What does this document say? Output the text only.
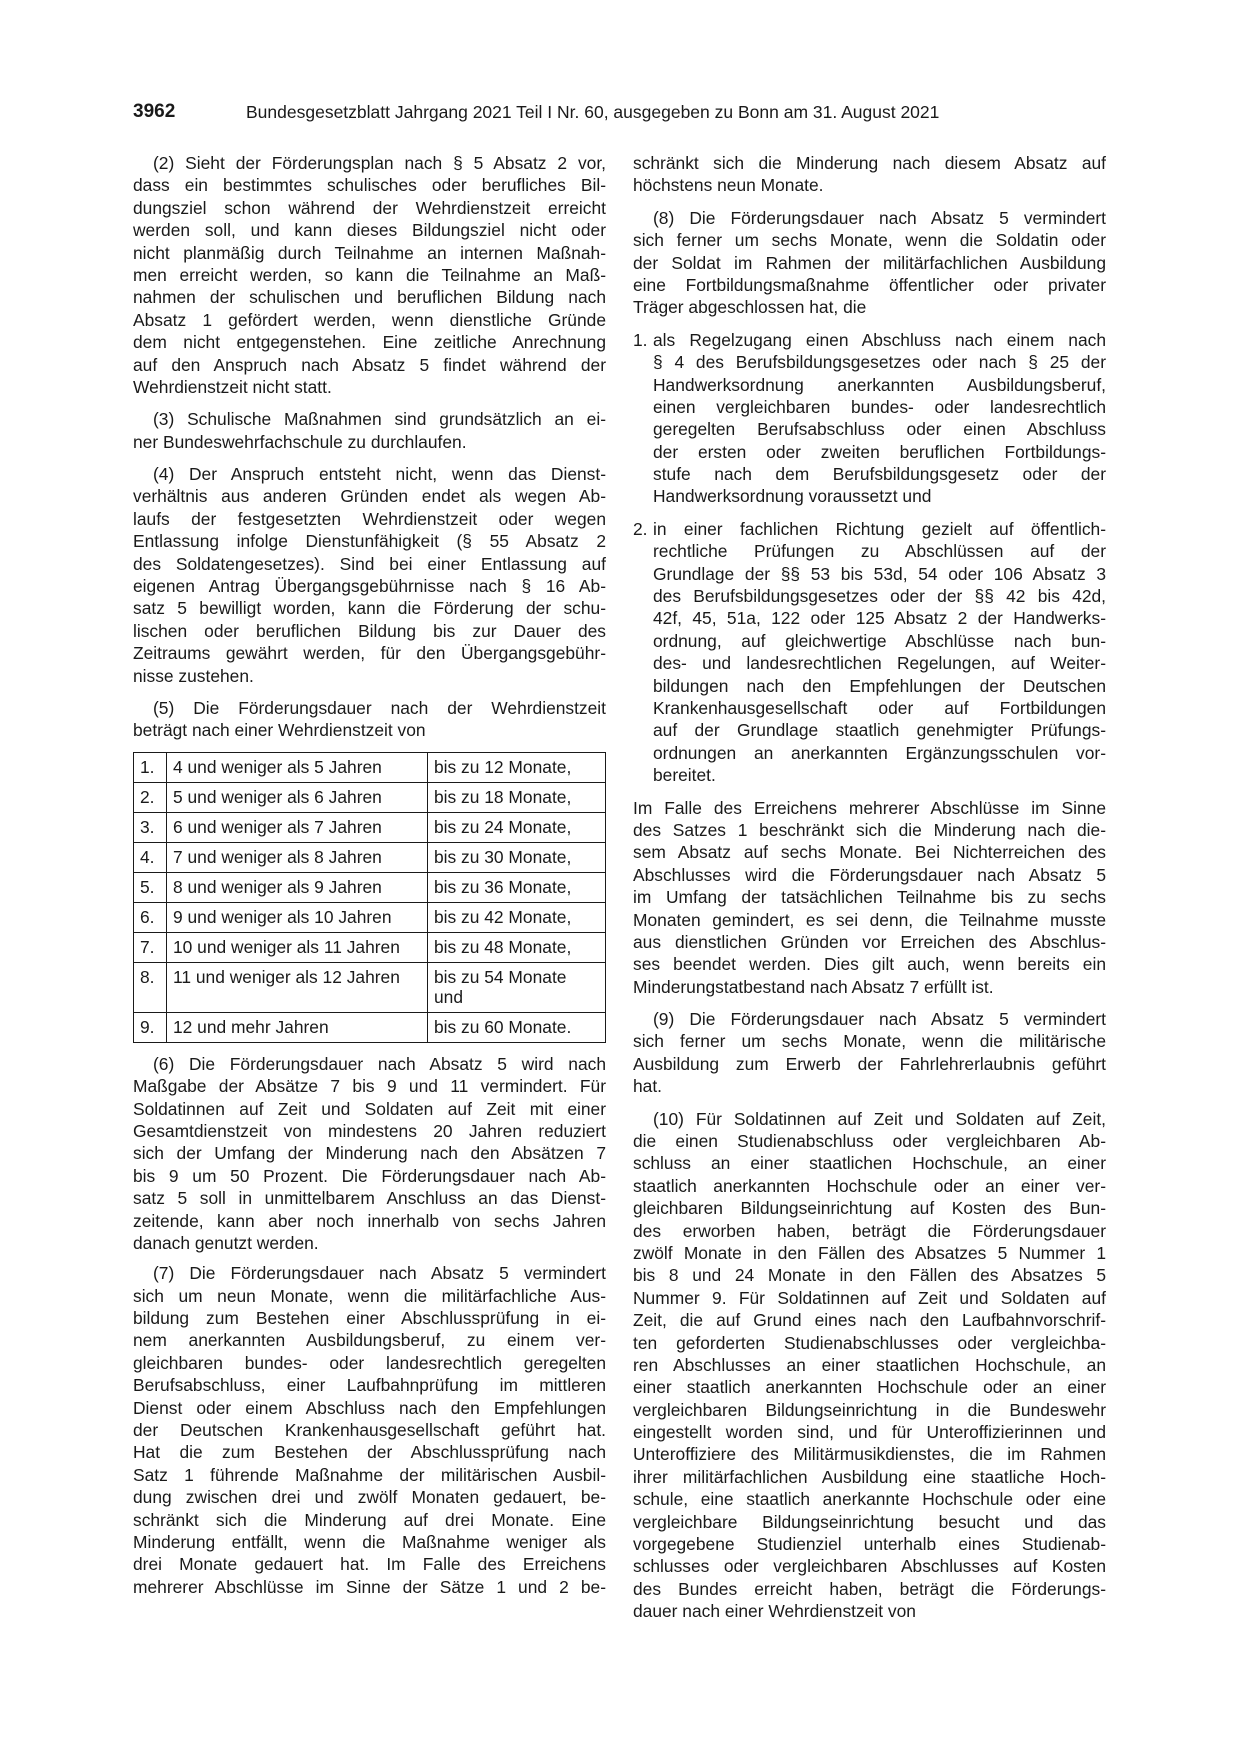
3962	Bundesgesetzblatt Jahrgang 2021 Teil I Nr. 60, ausgegeben zu Bonn am 31. August 2021
(2) Sieht der Förderungsplan nach § 5 Absatz 2 vor,
dass ein bestimmtes schulisches oder berufliches Bil-
dungsziel schon während der Wehrdienstzeit erreicht
werden soll, und kann dieses Bildungsziel nicht oder
nicht planmäßig durch Teilnahme an internen Maßnah-
men erreicht werden, so kann die Teilnahme an Maß-
nahmen der schulischen und beruflichen Bildung nach
Absatz 1 gefördert werden, wenn dienstliche Gründe
dem nicht entgegenstehen. Eine zeitliche Anrechnung
auf den Anspruch nach Absatz 5 findet während der
Wehrdienstzeit nicht statt.
(3) Schulische Maßnahmen sind grundsätzlich an ei-
ner Bundeswehrfachschule zu durchlaufen.
(4) Der Anspruch entsteht nicht, wenn das Dienst-
verhältnis aus anderen Gründen endet als wegen Ab-
laufs der festgesetzten Wehrdienstzeit oder wegen
Entlassung infolge Dienstunfähigkeit (§ 55 Absatz 2
des Soldatengesetzes). Sind bei einer Entlassung auf
eigenen Antrag Übergangsgebührnisse nach § 16 Ab-
satz 5 bewilligt worden, kann die Förderung der schu-
lischen oder beruflichen Bildung bis zur Dauer des
Zeitraums gewährt werden, für den Übergangsgebühr-
nisse zustehen.
(5) Die Förderungsdauer nach der Wehrdienstzeit
beträgt nach einer Wehrdienstzeit von
1.	4 und weniger als 5 Jahren	bis zu 12 Monate,
2.	5 und weniger als 6 Jahren	bis zu 18 Monate,
3.	6 und weniger als 7 Jahren	bis zu 24 Monate,
4.	7 und weniger als 8 Jahren	bis zu 30 Monate,
5.	8 und weniger als 9 Jahren	bis zu 36 Monate,
6.	9 und weniger als 10 Jahren	bis zu 42 Monate,
7.	10 und weniger als 11 Jahren	bis zu 48 Monate,
8.	11 und weniger als 12 Jahren	bis zu 54 Monate und
9.	12 und mehr Jahren	bis zu 60 Monate.
(6) Die Förderungsdauer nach Absatz 5 wird nach
Maßgabe der Absätze 7 bis 9 und 11 vermindert. Für
Soldatinnen auf Zeit und Soldaten auf Zeit mit einer
Gesamtdienstzeit von mindestens 20 Jahren reduziert
sich der Umfang der Minderung nach den Absätzen 7
bis 9 um 50 Prozent. Die Förderungsdauer nach Ab-
satz 5 soll in unmittelbarem Anschluss an das Dienst-
zeitende, kann aber noch innerhalb von sechs Jahren
danach genutzt werden.
(7) Die Förderungsdauer nach Absatz 5 vermindert
sich um neun Monate, wenn die militärfachliche Aus-
bildung zum Bestehen einer Abschlussprüfung in ei-
nem anerkannten Ausbildungsberuf, zu einem ver-
gleichbaren bundes- oder landesrechtlich geregelten
Berufsabschluss, einer Laufbahnprüfung im mittleren
Dienst oder einem Abschluss nach den Empfehlungen
der Deutschen Krankenhausgesellschaft geführt hat.
Hat die zum Bestehen der Abschlussprüfung nach
Satz 1 führende Maßnahme der militärischen Ausbil-
dung zwischen drei und zwölf Monaten gedauert, be-
schränkt sich die Minderung auf drei Monate. Eine
Minderung entfällt, wenn die Maßnahme weniger als
drei Monate gedauert hat. Im Falle des Erreichens
mehrerer Abschlüsse im Sinne der Sätze 1 und 2 be-
schränkt sich die Minderung nach diesem Absatz auf
höchstens neun Monate.
(8) Die Förderungsdauer nach Absatz 5 vermindert
sich ferner um sechs Monate, wenn die Soldatin oder
der Soldat im Rahmen der militärfachlichen Ausbildung
eine Fortbildungsmaßnahme öffentlicher oder privater
Träger abgeschlossen hat, die
1. als Regelzugang einen Abschluss nach einem nach
§ 4 des Berufsbildungsgesetzes oder nach § 25 der
Handwerksordnung anerkannten Ausbildungsberuf,
einen vergleichbaren bundes- oder landesrechtlich
geregelten Berufsabschluss oder einen Abschluss
der ersten oder zweiten beruflichen Fortbildungs-
stufe nach dem Berufsbildungsgesetz oder der
Handwerksordnung voraussetzt und
2. in einer fachlichen Richtung gezielt auf öffentlich-
rechtliche Prüfungen zu Abschlüssen auf der
Grundlage der §§ 53 bis 53d, 54 oder 106 Absatz 3
des Berufsbildungsgesetzes oder der §§ 42 bis 42d,
42f, 45, 51a, 122 oder 125 Absatz 2 der Handwerks-
ordnung, auf gleichwertige Abschlüsse nach bun-
des- und landesrechtlichen Regelungen, auf Weiter-
bildungen nach den Empfehlungen der Deutschen
Krankenhausgesellschaft oder auf Fortbildungen
auf der Grundlage staatlich genehmigter Prüfungs-
ordnungen an anerkannten Ergänzungsschulen vor-
bereitet.
Im Falle des Erreichens mehrerer Abschlüsse im Sinne
des Satzes 1 beschränkt sich die Minderung nach die-
sem Absatz auf sechs Monate. Bei Nichterreichen des
Abschlusses wird die Förderungsdauer nach Absatz 5
im Umfang der tatsächlichen Teilnahme bis zu sechs
Monaten gemindert, es sei denn, die Teilnahme musste
aus dienstlichen Gründen vor Erreichen des Abschlus-
ses beendet werden. Dies gilt auch, wenn bereits ein
Minderungstatbestand nach Absatz 7 erfüllt ist.
(9) Die Förderungsdauer nach Absatz 5 vermindert
sich ferner um sechs Monate, wenn die militärische
Ausbildung zum Erwerb der Fahrlehrerlaubnis geführt
hat.
(10) Für Soldatinnen auf Zeit und Soldaten auf Zeit,
die einen Studienabschluss oder vergleichbaren Ab-
schluss an einer staatlichen Hochschule, an einer
staatlich anerkannten Hochschule oder an einer ver-
gleichbaren Bildungseinrichtung auf Kosten des Bun-
des erworben haben, beträgt die Förderungsdauer
zwölf Monate in den Fällen des Absatzes 5 Nummer 1
bis 8 und 24 Monate in den Fällen des Absatzes 5
Nummer 9. Für Soldatinnen auf Zeit und Soldaten auf
Zeit, die auf Grund eines nach den Laufbahnvorschrif-
ten geforderten Studienabschlusses oder vergleichba-
ren Abschlusses an einer staatlichen Hochschule, an
einer staatlich anerkannten Hochschule oder an einer
vergleichbaren Bildungseinrichtung in die Bundeswehr
eingestellt worden sind, und für Unteroffizierinnen und
Unteroffiziere des Militärmusikdienstes, die im Rahmen
ihrer militärfachlichen Ausbildung eine staatliche Hoch-
schule, eine staatlich anerkannte Hochschule oder eine
vergleichbare Bildungseinrichtung besucht und das
vorgegebene Studienziel unterhalb eines Studienab-
schlusses oder vergleichbaren Abschlusses auf Kosten
des Bundes erreicht haben, beträgt die Förderungs-
dauer nach einer Wehrdienstzeit von
